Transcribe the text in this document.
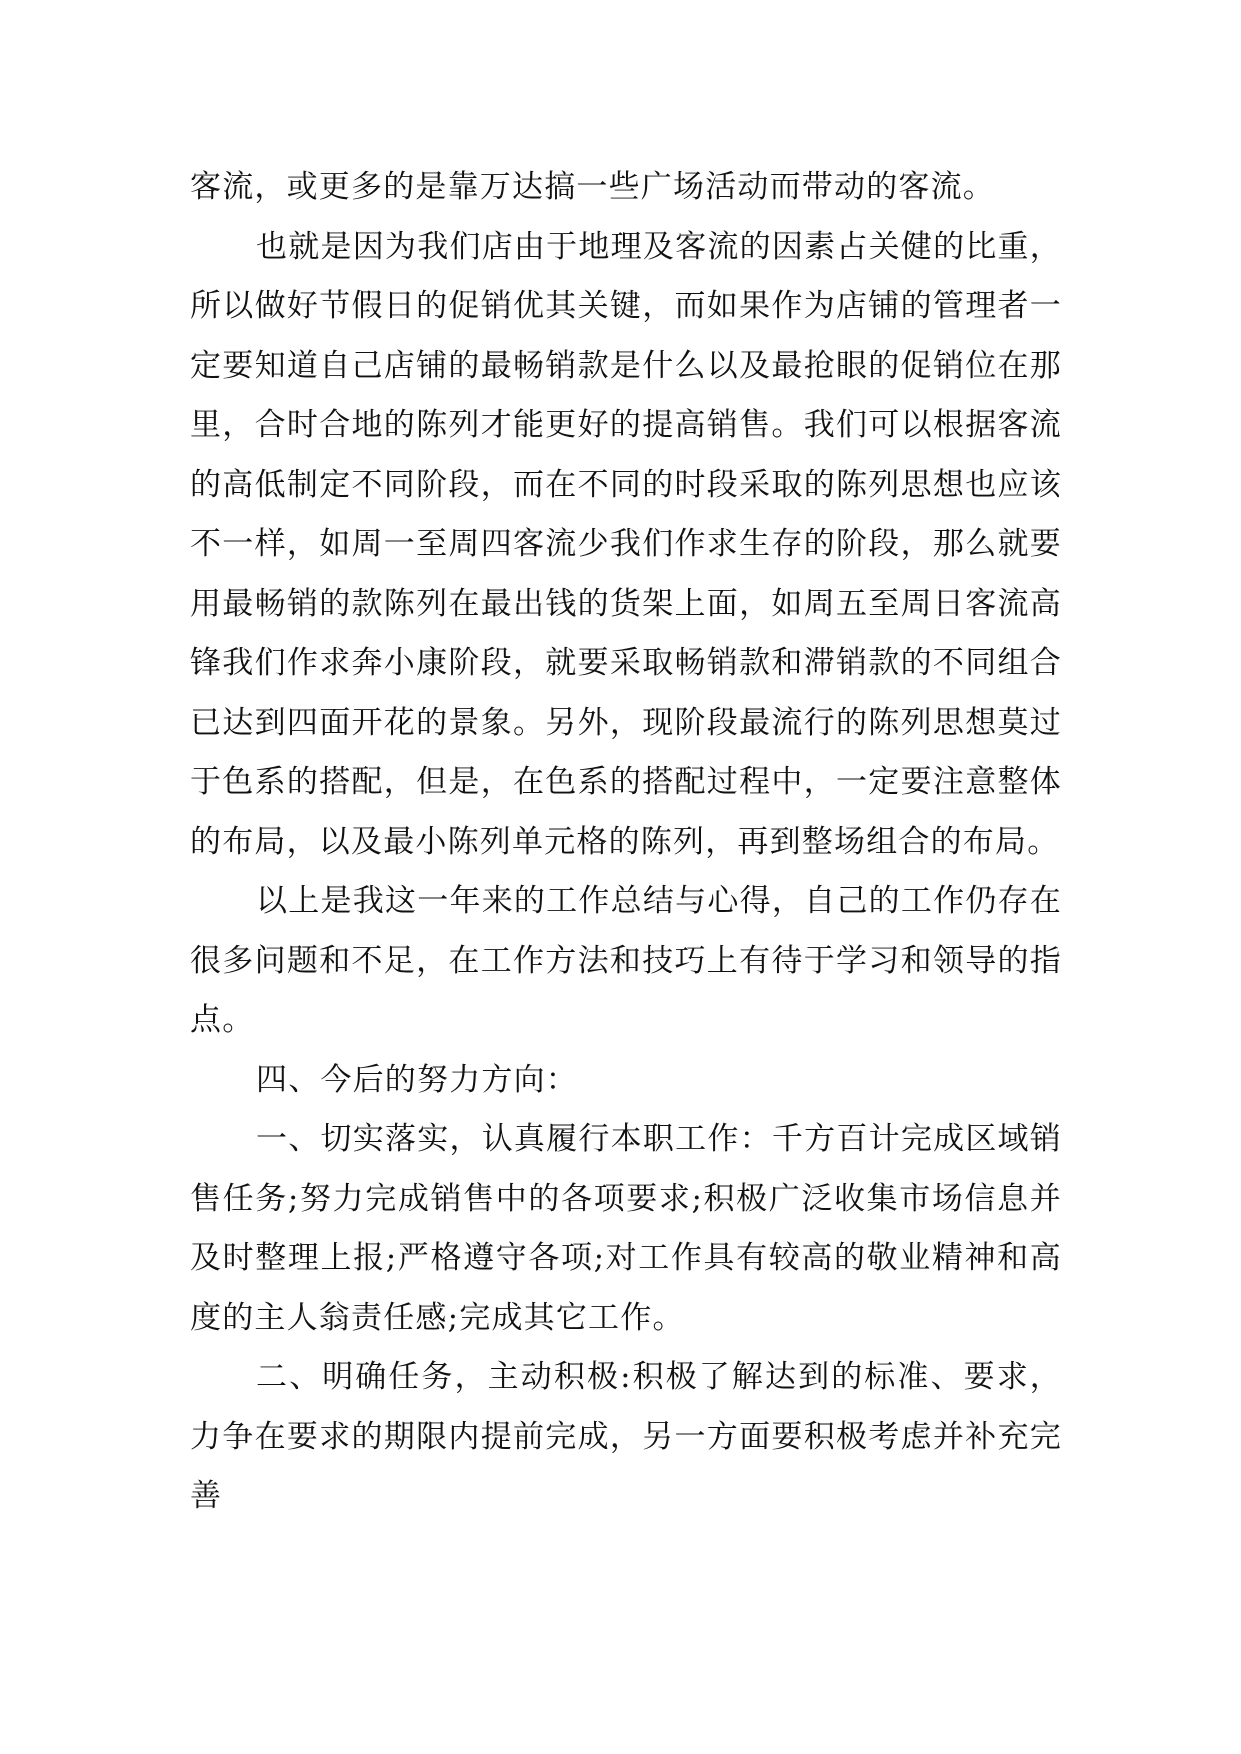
客流，或更多的是靠万达搞一些广场活动而带动的客流。

也就是因为我们店由于地理及客流的因素占关健的比重，所以做好节假日的促销优其关键，而如果作为店铺的管理者一定要知道自己店铺的最畅销款是什么以及最抢眼的促销位在那里，合时合地的陈列才能更好的提高销售。我们可以根据客流的高低制定不同阶段，而在不同的时段采取的陈列思想也应该不一样，如周一至周四客流少我们作求生存的阶段，那么就要用最畅销的款陈列在最出钱的货架上面，如周五至周日客流高锋我们作求奔小康阶段，就要采取畅销款和滞销款的不同组合已达到四面开花的景象。另外，现阶段最流行的陈列思想莫过于色系的搭配，但是，在色系的搭配过程中，一定要注意整体的布局，以及最小陈列单元格的陈列，再到整场组合的布局。

以上是我这一年来的工作总结与心得，自己的工作仍存在很多问题和不足，在工作方法和技巧上有待于学习和领导的指点。

四、今后的努力方向：

一、切实落实，认真履行本职工作：千方百计完成区域销售任务;努力完成销售中的各项要求;积极广泛收集市场信息并及时整理上报;严格遵守各项;对工作具有较高的敬业精神和高度的主人翁责任感;完成其它工作。

二、明确任务，主动积极:积极了解达到的标准、要求，力争在要求的期限内提前完成，另一方面要积极考虑并补充完善
